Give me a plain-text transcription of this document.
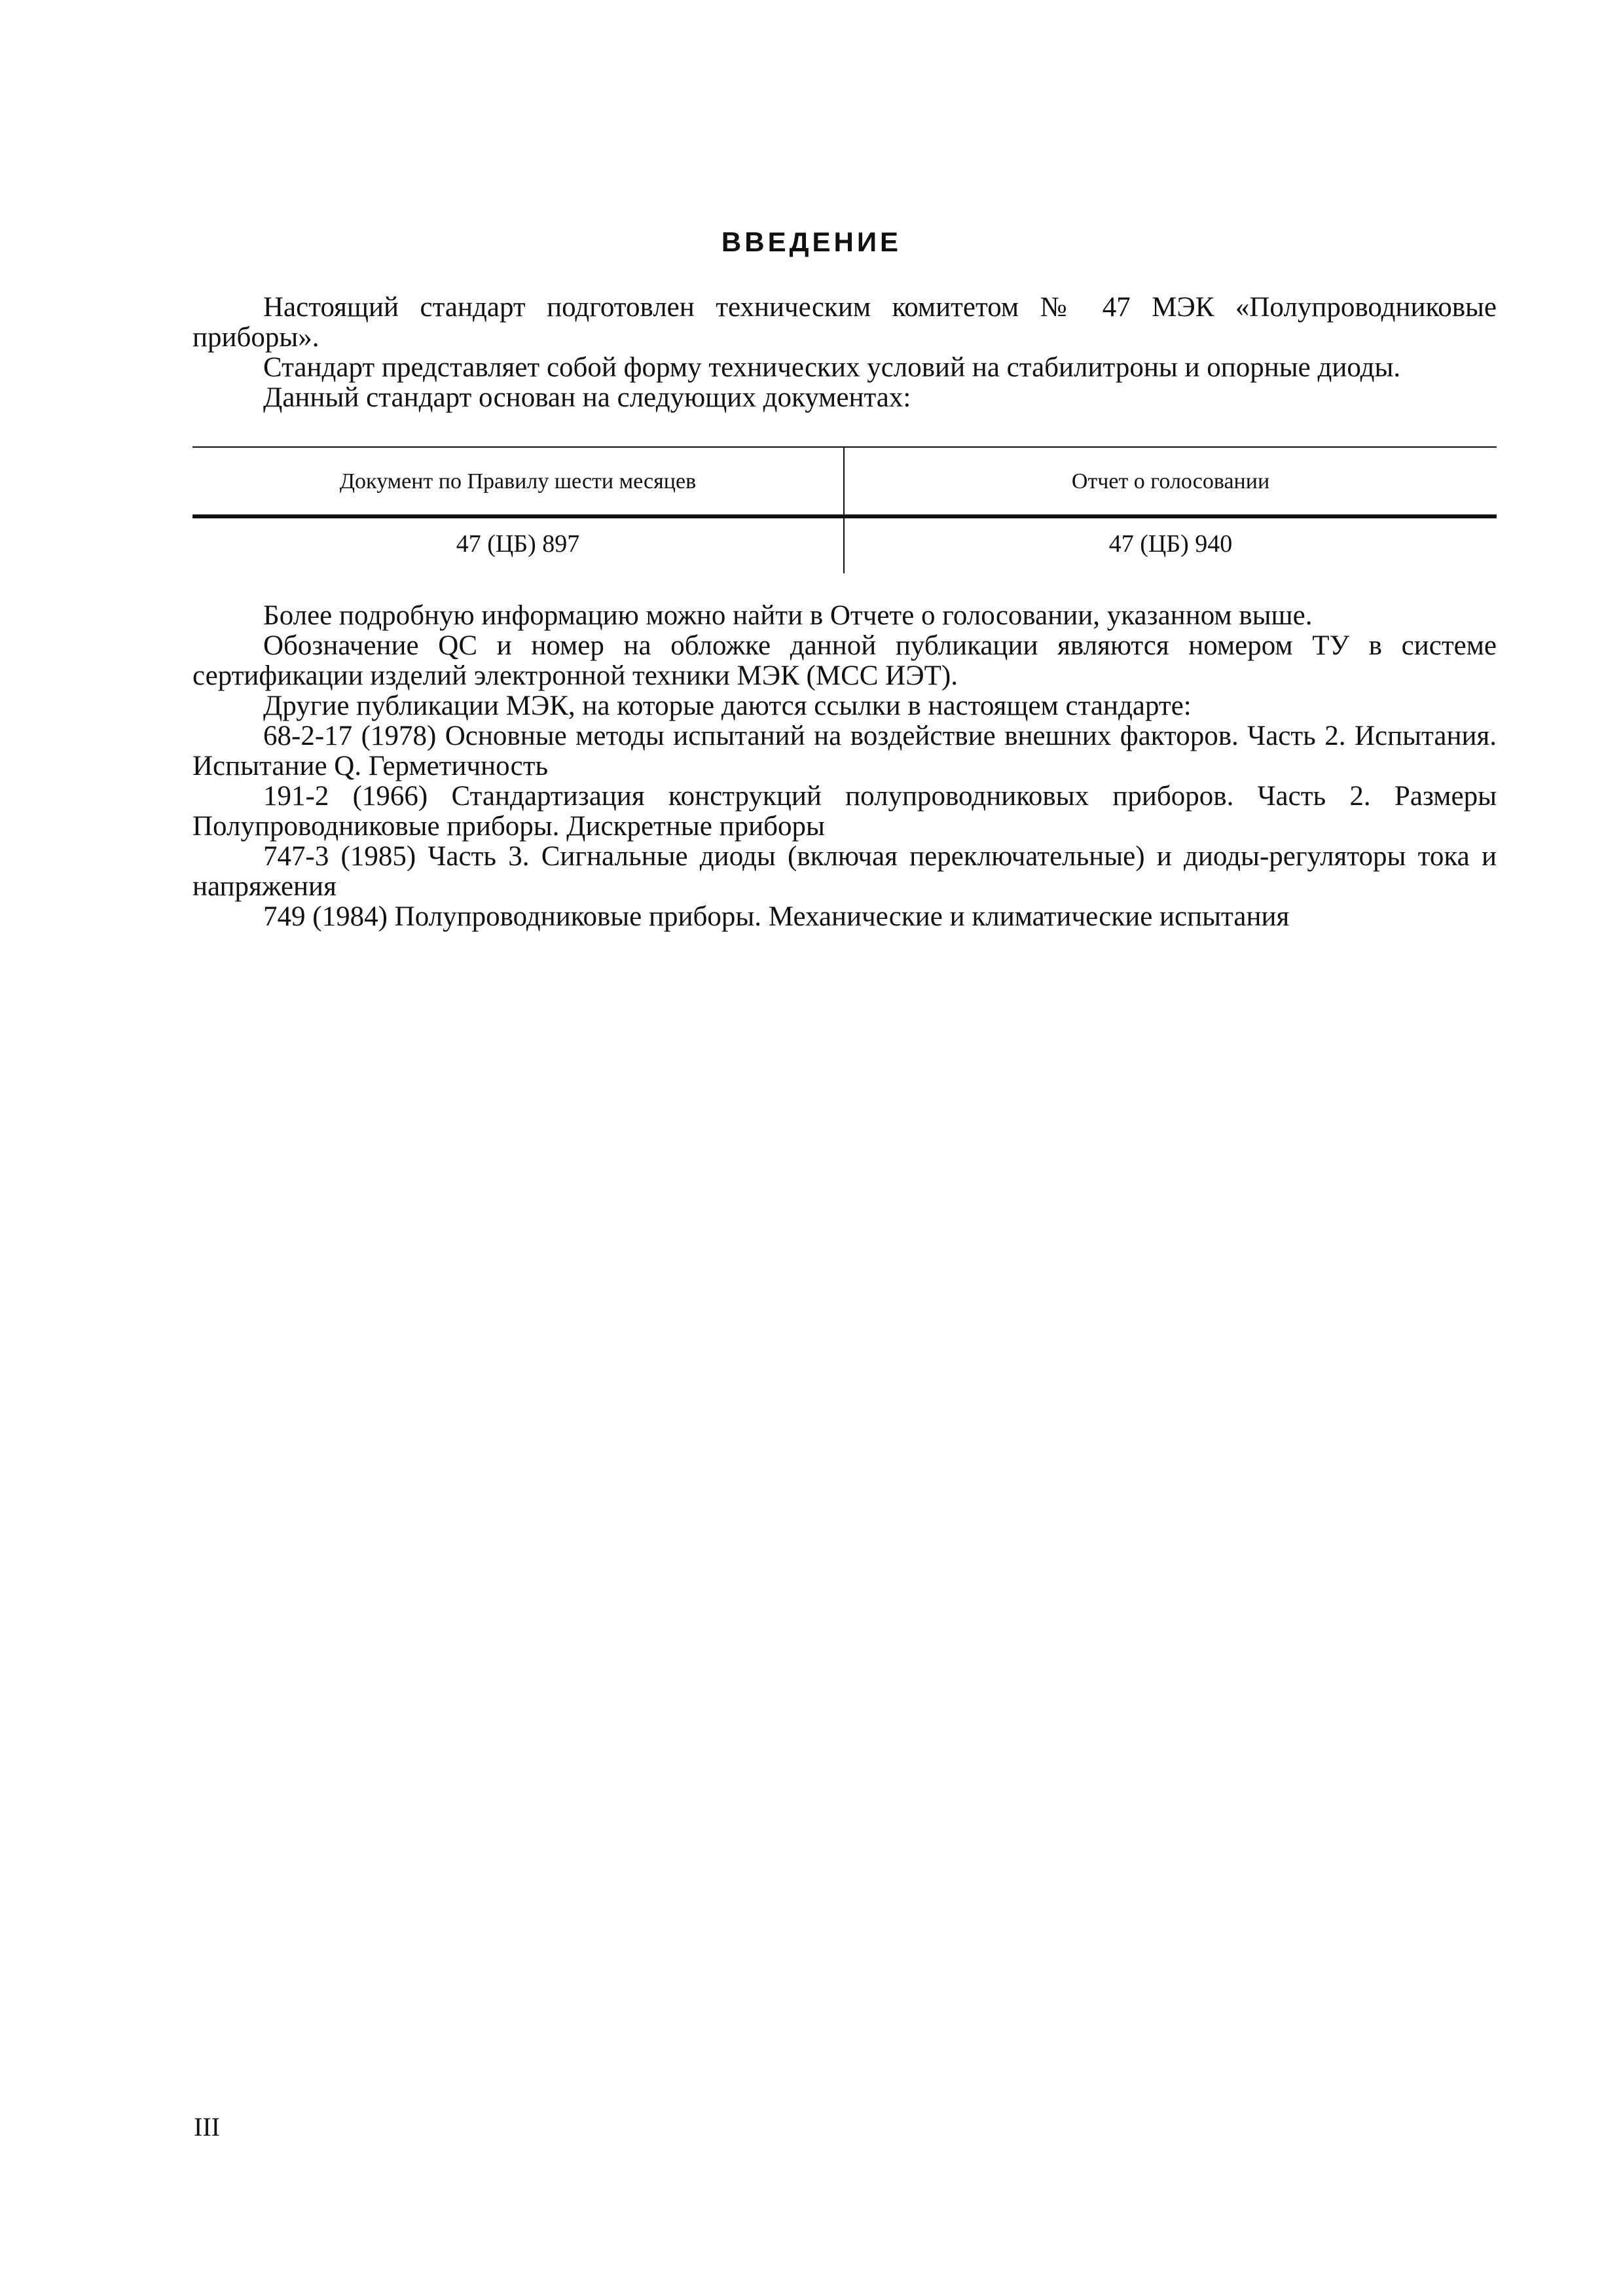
ВВЕДЕНИЕ

Настоящий стандарт подготовлен техническим комитетом № 47 МЭК «Полупроводниковые приборы».

Стандарт представляет собой форму технических условий на стабилитроны и опорные диоды.

Данный стандарт основан на следующих документах:

Документ по Правилу шести месяцев	Отчет о голосовании
47 (ЦБ) 897	47 (ЦБ) 940

Более подробную информацию можно найти в Отчете о голосовании, указанном выше.

Обозначение QC и номер на обложке данной публикации являются номером ТУ в системе сертификации изделий электронной техники МЭК (МСС ИЭТ).

Другие публикации МЭК, на которые даются ссылки в настоящем стандарте:

68-2-17 (1978) Основные методы испытаний на воздействие внешних факторов. Часть 2. Испытания. Испытание Q. Герметичность

191-2 (1966) Стандартизация конструкций полупроводниковых приборов. Часть 2. Размеры Полупроводниковые приборы. Дискретные приборы

747-3 (1985) Часть 3. Сигнальные диоды (включая переключательные) и диоды-регуляторы тока и напряжения

749 (1984) Полупроводниковые приборы. Механические и климатические испытания

III
